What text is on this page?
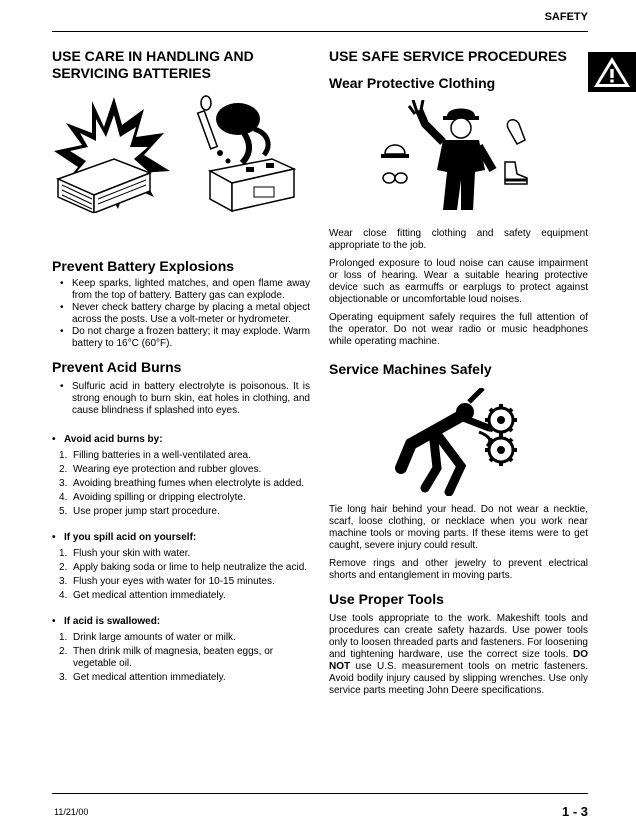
SAFETY
USE CARE IN HANDLING AND SERVICING BATTERIES
Prevent Battery Explosions
• Keep sparks, lighted matches, and open flame away from the top of battery. Battery gas can explode.
• Never check battery charge by placing a metal object across the posts. Use a volt-meter or hydrometer.
• Do not charge a frozen battery; it may explode. Warm battery to 16°C (60°F).
Prevent Acid Burns
• Sulfuric acid in battery electrolyte is poisonous. It is strong enough to burn skin, eat holes in clothing, and cause blindness if splashed into eyes.
• Avoid acid burns by:
1. Filling batteries in a well-ventilated area.
2. Wearing eye protection and rubber gloves.
3. Avoiding breathing fumes when electrolyte is added.
4. Avoiding spilling or dripping electrolyte.
5. Use proper jump start procedure.
• If you spill acid on yourself:
1. Flush your skin with water.
2. Apply baking soda or lime to help neutralize the acid.
3. Flush your eyes with water for 10-15 minutes.
4. Get medical attention immediately.
• If acid is swallowed:
1. Drink large amounts of water or milk.
2. Then drink milk of magnesia, beaten eggs, or vegetable oil.
3. Get medical attention immediately.
USE SAFE SERVICE PROCEDURES
Wear Protective Clothing

Wear close fitting clothing and safety equipment appropriate to the job.

Prolonged exposure to loud noise can cause impairment or loss of hearing. Wear a suitable hearing protective device such as earmuffs or earplugs to protect against objectionable or uncomfortable loud noises.

Operating equipment safely requires the full attention of the operator. Do not wear radio or music headphones while operating machine.

Service Machines Safely

Tie long hair behind your head. Do not wear a necktie, scarf, loose clothing, or necklace when you work near machine tools or moving parts. If these items were to get caught, severe injury could result.

Remove rings and other jewelry to prevent electrical shorts and entanglement in moving parts.

Use Proper Tools

Use tools appropriate to the work. Makeshift tools and procedures can create safety hazards. Use power tools only to loosen threaded parts and fasteners. For loosening and tightening hardware, use the correct size tools. DO NOT use U.S. measurement tools on metric fasteners. Avoid bodily injury caused by slipping wrenches. Use only service parts meeting John Deere specifications.

11/21/00	1 - 3
